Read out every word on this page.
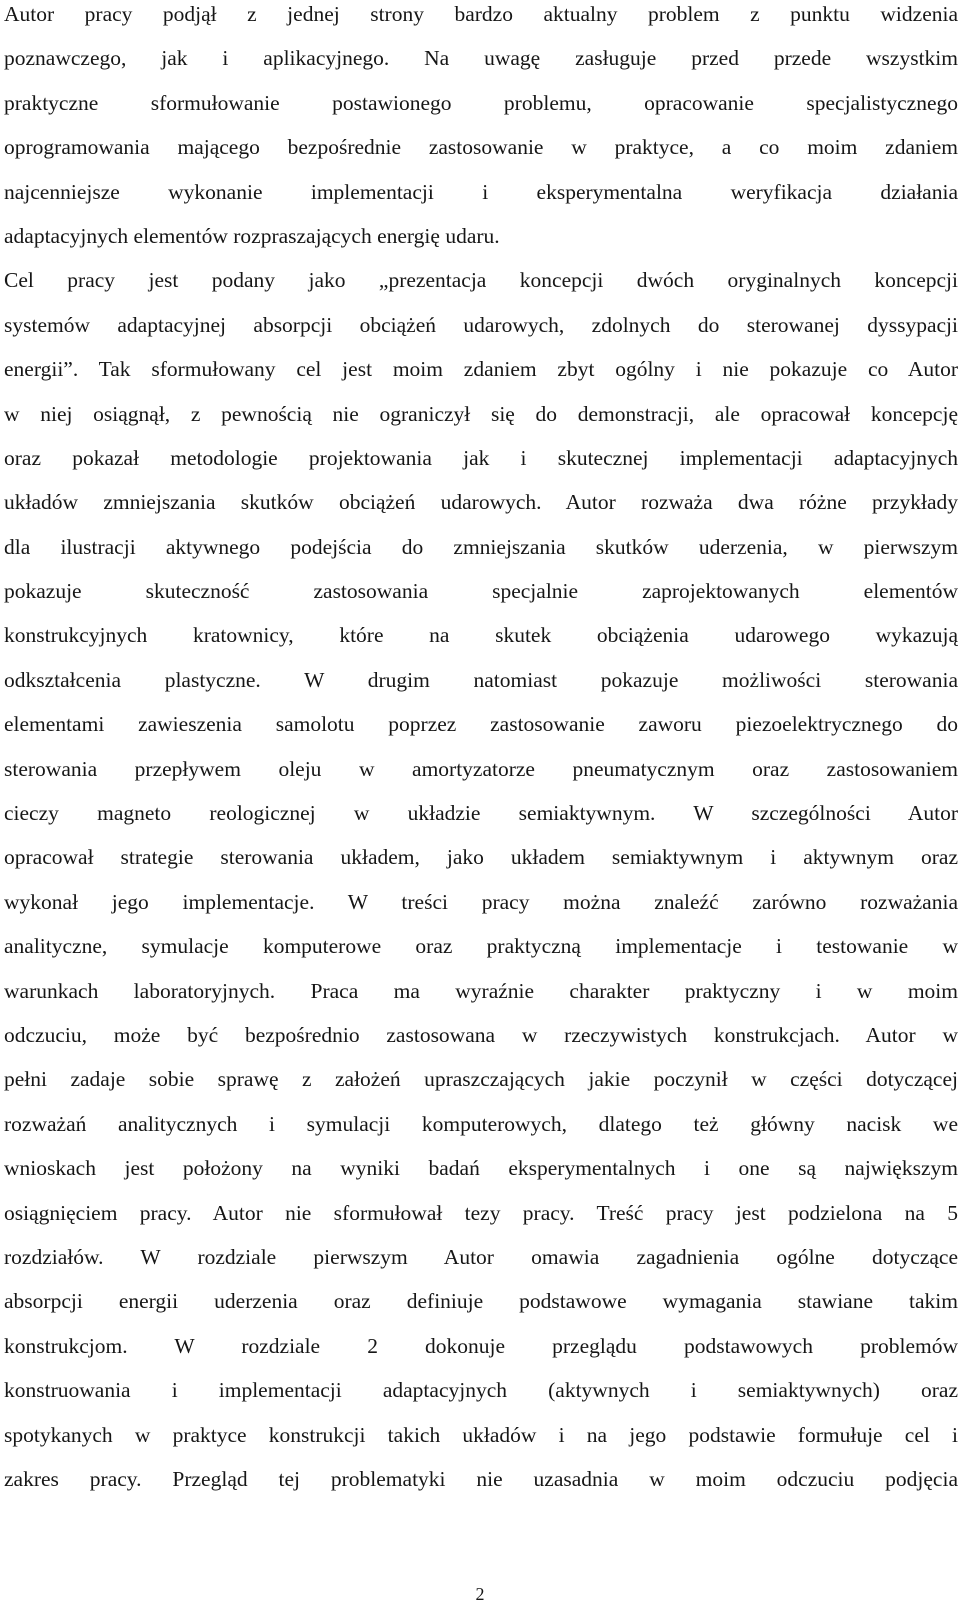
Autor pracy podjął z jednej strony bardzo aktualny problem z punktu widzenia
poznawczego, jak i aplikacyjnego. Na uwagę zasługuje przed przede wszystkim
praktyczne sformułowanie postawionego problemu, opracowanie specjalistycznego
oprogramowania mającego bezpośrednie zastosowanie w praktyce, a co moim zdaniem
najcenniejsze wykonanie implementacji i eksperymentalna weryfikacja działania
adaptacyjnych elementów rozpraszających energię udaru.
Cel pracy jest podany jako „prezentacja koncepcji dwóch oryginalnych koncepcji
systemów adaptacyjnej absorpcji obciążeń udarowych, zdolnych do sterowanej dyssypacji
energii”. Tak sformułowany cel jest moim zdaniem zbyt ogólny i nie pokazuje co Autor
w niej osiągnął, z pewnością nie ograniczył się do demonstracji, ale opracował koncepcję
oraz pokazał metodologie projektowania jak i skutecznej implementacji adaptacyjnych
układów zmniejszania skutków obciążeń udarowych. Autor rozważa dwa różne przykłady
dla ilustracji aktywnego podejścia do zmniejszania skutków uderzenia, w pierwszym
pokazuje skuteczność zastosowania specjalnie zaprojektowanych elementów
konstrukcyjnych kratownicy, które na skutek obciążenia udarowego wykazują
odkształcenia plastyczne. W drugim natomiast pokazuje możliwości sterowania
elementami zawieszenia samolotu poprzez zastosowanie zaworu piezoelektrycznego do
sterowania przepływem oleju w amortyzatorze pneumatycznym oraz zastosowaniem
cieczy magneto reologicznej w układzie semiaktywnym. W szczególności Autor
opracował strategie sterowania układem, jako układem semiaktywnym i aktywnym oraz
wykonał jego implementacje. W treści pracy można znaleźć zarówno rozważania
analityczne, symulacje komputerowe oraz praktyczną implementacje i testowanie w
warunkach laboratoryjnych. Praca ma wyraźnie charakter praktyczny i w moim
odczuciu, może być bezpośrednio zastosowana w rzeczywistych konstrukcjach. Autor w
pełni zadaje sobie sprawę z założeń upraszczających jakie poczynił w części dotyczącej
rozważań analitycznych i symulacji komputerowych, dlatego też główny nacisk we
wnioskach jest położony na wyniki badań eksperymentalnych i one są największym
osiągnięciem pracy. Autor nie sformułował tezy pracy. Treść pracy jest podzielona na 5
rozdziałów. W rozdziale pierwszym Autor omawia zagadnienia ogólne dotyczące
absorpcji energii uderzenia oraz definiuje podstawowe wymagania stawiane takim
konstrukcjom. W rozdziale 2 dokonuje przeglądu podstawowych problemów
konstruowania i implementacji adaptacyjnych (aktywnych i semiaktywnych) oraz
spotykanych w praktyce konstrukcji takich układów i na jego podstawie formułuje cel i
zakres pracy. Przegląd tej problematyki nie uzasadnia w moim odczuciu podjęcia
2
